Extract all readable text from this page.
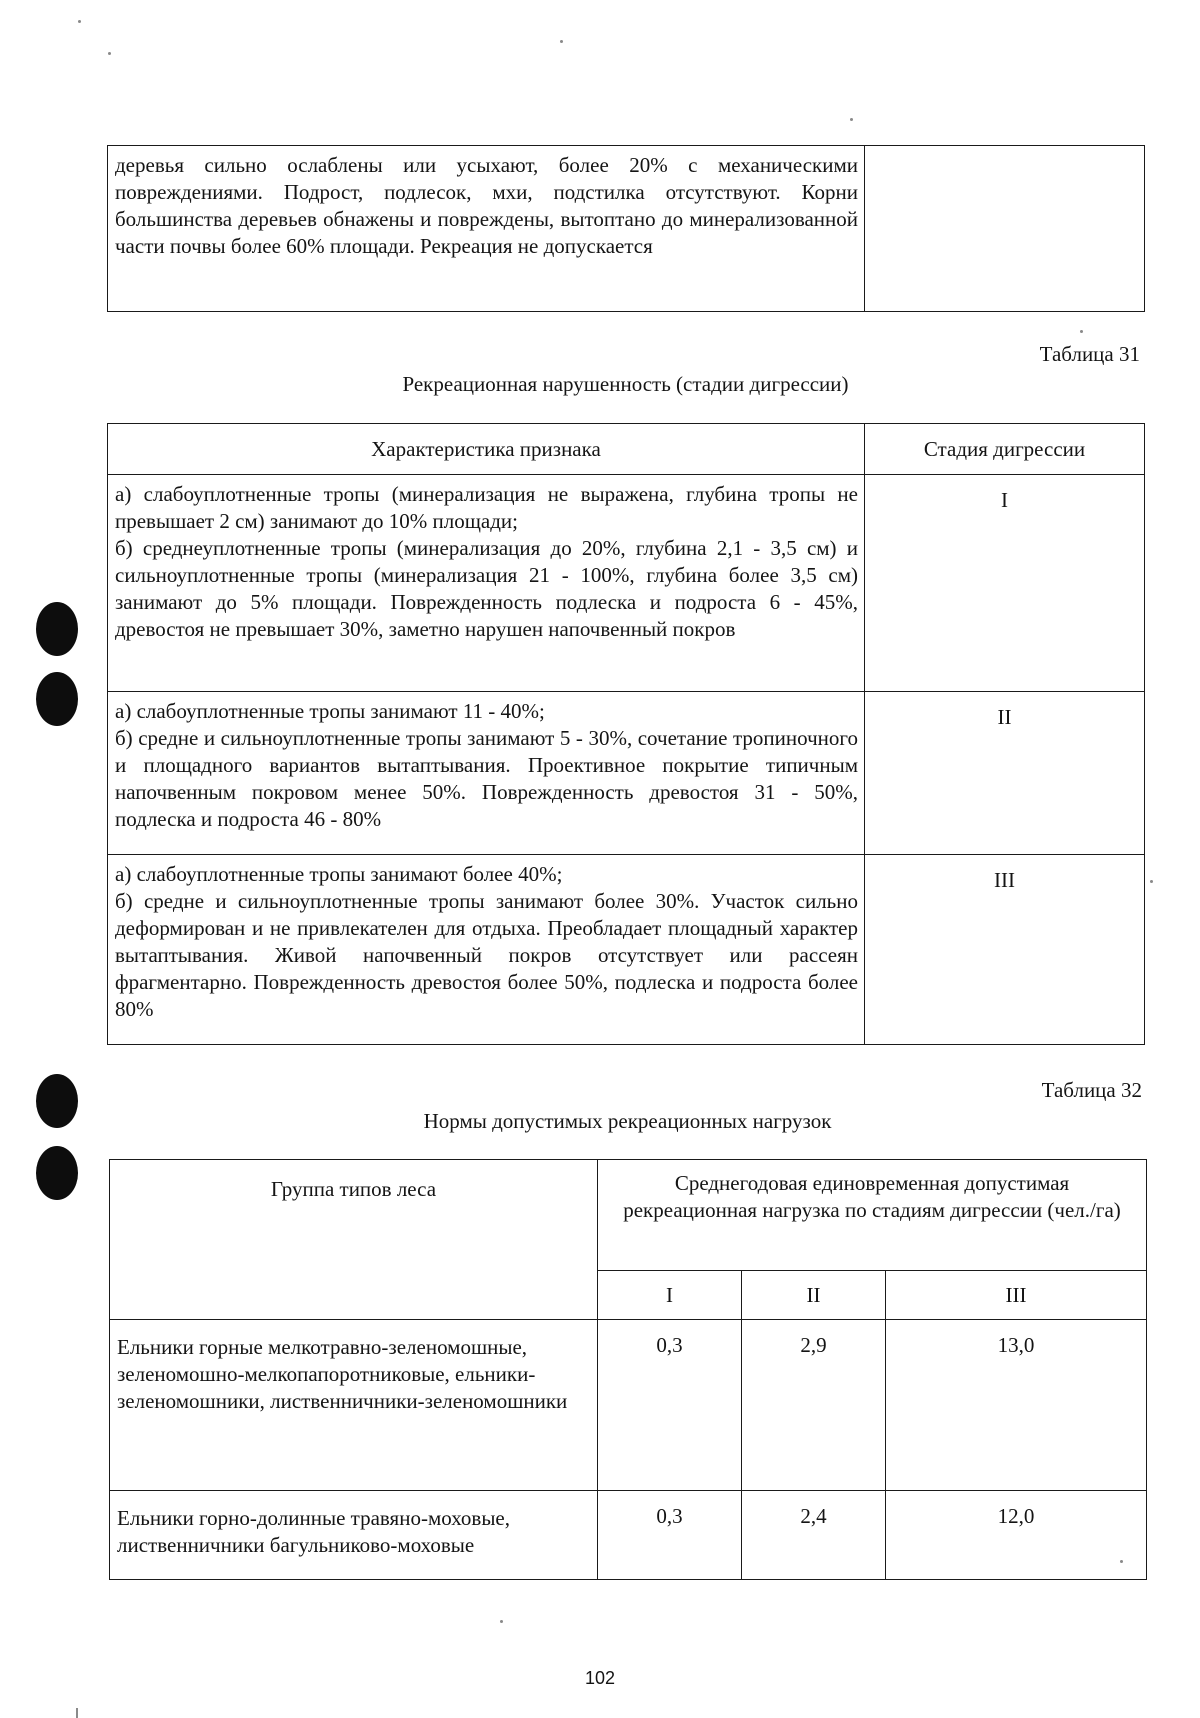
деревья сильно ослаблены или усыхают, более 20% с механическими повреждениями. Подрост, подлесок, мхи, подстилка отсутствуют. Корни большинства деревьев обнажены и повреждены, вытоптано до минерализованной части почвы более 60% площади. Рекреация не допускается

Таблица 31
Рекреационная нарушенность (стадии дигрессии)
Характеристика признака	Стадия дигрессии

а) слабоуплотненные тропы (минерализация не выражена, глубина тропы не превышает 2 см) занимают до 10% площади;

б) среднеуплотненные тропы (минерализация до 20%, глубина 2,1 - 3,5 см) и сильноуплотненные тропы (минерализация 21 - 100%, глубина более 3,5 см) занимают до 5% площади. Поврежденность подлеска и подроста 6 - 45%, древостоя не превышает 30%, заметно нарушен напочвенный покров	I

а) слабоуплотненные тропы занимают 11 - 40%;

б) средне и сильноуплотненные тропы занимают 5 - 30%, сочетание тропиночного и площадного вариантов вытаптывания. Проективное покрытие типичным напочвенным покровом менее 50%. Поврежденность древостоя 31 - 50%, подлеска и подроста 46 - 80%	II

а) слабоуплотненные тропы занимают более 40%;

б) средне и сильноуплотненные тропы занимают более 30%. Участок сильно деформирован и не привлекателен для отдыха. Преобладает площадный характер вытаптывания. Живой напочвенный покров отсутствует или рассеян фрагментарно. Поврежденность древостоя более 50%, подлеска и подроста более 80%	III
Таблица 32
Нормы допустимых рекреационных нагрузок
Группа типов леса	Среднегодовая единовременная допустимая рекреационная нагрузка по стадиям дигрессии (чел./га)		
	I	II	III

Ельники горные мелкотравно-зеленомошные, зеленомошно-мелкопапоротниковые, ельники-зеленомошники, лиственничники-зеленомошники	0,3	2,9	13,0

Ельники горно-долинные травяно-моховые, лиственничники багульниково-моховые	0,3	2,4	12,0
102
